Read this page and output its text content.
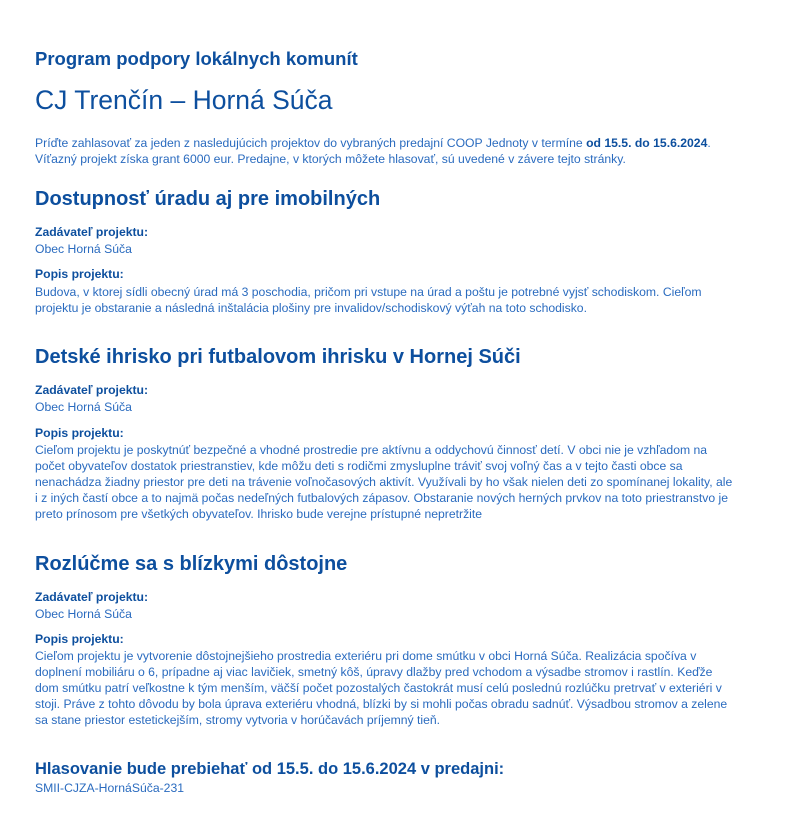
Program podpory lokálnych komunít
CJ Trenčín – Horná Súča
Príďte zahlasovať za jeden z nasledujúcich projektov do vybraných predajní COOP Jednoty v termíne od 15.5. do 15.6.2024. Víťazný projekt získa grant 6000 eur. Predajne, v ktorých môžete hlasovať, sú uvedené v závere tejto stránky.
Dostupnosť úradu aj pre imobilných
Zadávateľ projektu:
Obec Horná Súča
Popis projektu:
Budova, v ktorej sídli obecný úrad má 3 poschodia, pričom pri vstupe na úrad a poštu je potrebné vyjsť schodiskom. Cieľom projektu je obstaranie a následná inštalácia plošiny pre invalidov/schodiskový výťah na toto schodisko.
Detské ihrisko pri futbalovom ihrisku v Hornej Súči
Zadávateľ projektu:
Obec Horná Súča
Popis projektu:
Cieľom projektu je poskytnúť bezpečné a vhodné prostredie pre aktívnu a oddychovú činnosť detí. V obci nie je vzhľadom na počet obyvateľov dostatok priestranstiev, kde môžu deti s rodičmi zmysluplne tráviť svoj voľný čas a v tejto časti obce sa nenachádza žiadny priestor pre deti na trávenie voľnočasových aktivít. Využívali by ho však nielen deti zo spomínanej lokality, ale i z iných častí obce a to najmä počas nedeľných futbalových zápasov. Obstaranie nových herných prvkov na toto priestranstvo je preto prínosom pre všetkých obyvateľov. Ihrisko bude verejne prístupné nepretržite
Rozlúčme sa s blízkymi dôstojne
Zadávateľ projektu:
Obec Horná Súča
Popis projektu:
Cieľom projektu je vytvorenie dôstojnejšieho prostredia exteriéru pri dome smútku v obci Horná Súča. Realizácia spočíva v doplnení mobiliáru o 6, prípadne aj viac lavičiek, smetný kôš, úpravy dlažby pred vchodom a výsadbe stromov i rastlín. Keďže dom smútku patrí veľkostne k tým menším, väčší počet pozostalých častokrát musí celú poslednú rozlúčku pretrvať v exteriéri v stoji. Práve z tohto dôvodu by bola úprava exteriéru vhodná, blízki by si mohli počas obradu sadnúť. Výsadbou stromov a zelene sa stane priestor estetickejším, stromy vytvoria v horúčavách príjemný tieň.
Hlasovanie bude prebiehať od 15.5. do 15.6.2024 v predajni:
SMII-CJZA-HornáSúča-231
